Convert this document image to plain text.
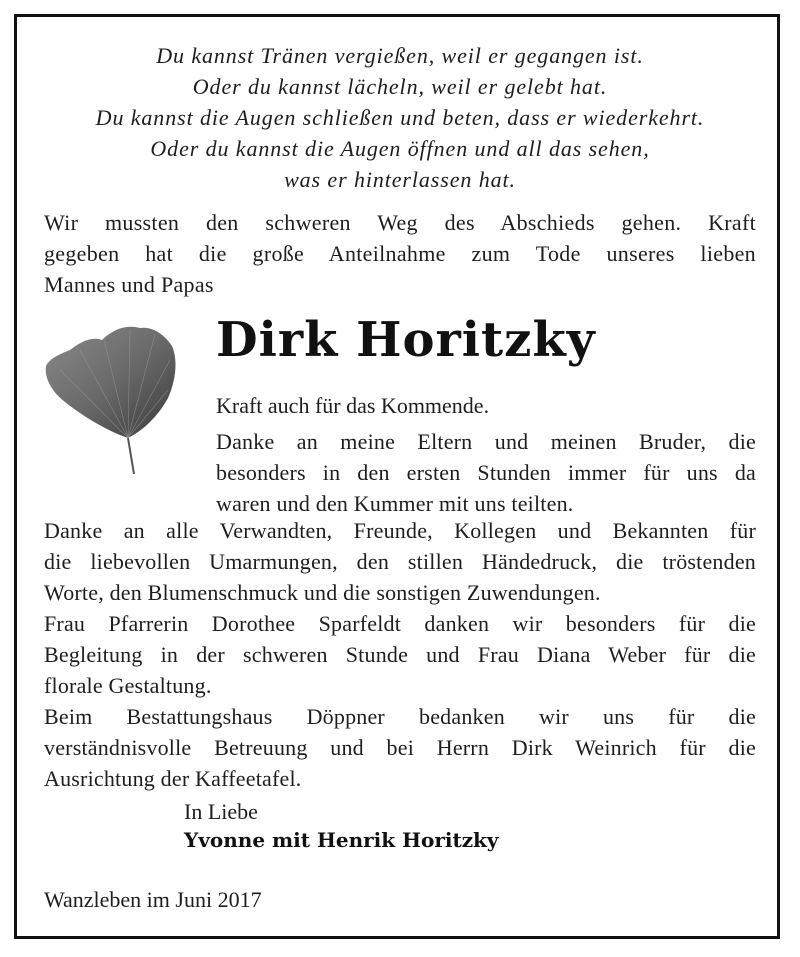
Du kannst Tränen vergießen, weil er gegangen ist.
Oder du kannst lächeln, weil er gelebt hat.
Du kannst die Augen schließen und beten, dass er wiederkehrt.
Oder du kannst die Augen öffnen und all das sehen,
was er hinterlassen hat.
Wir mussten den schweren Weg des Abschieds gehen. Kraft
gegeben hat die große Anteilnahme zum Tode unseres lieben
Mannes und Papas
Dirk Horitzky
Kraft auch für das Kommende.
Danke an meine Eltern und meinen Bruder, die
besonders in den ersten Stunden immer für uns da
waren und den Kummer mit uns teilten.
Danke an alle Verwandten, Freunde, Kollegen und Bekannten für
die liebevollen Umarmungen, den stillen Händedruck, die tröstenden
Worte, den Blumenschmuck und die sonstigen Zuwendungen.
Frau Pfarrerin Dorothee Sparfeldt danken wir besonders für die
Begleitung in der schweren Stunde und Frau Diana Weber für die
florale Gestaltung.
Beim Bestattungshaus Döppner bedanken wir uns für die
verständnisvolle Betreuung und bei Herrn Dirk Weinrich für die
Ausrichtung der Kaffeetafel.
In Liebe
Yvonne mit Henrik Horitzky
Wanzleben im Juni 2017
